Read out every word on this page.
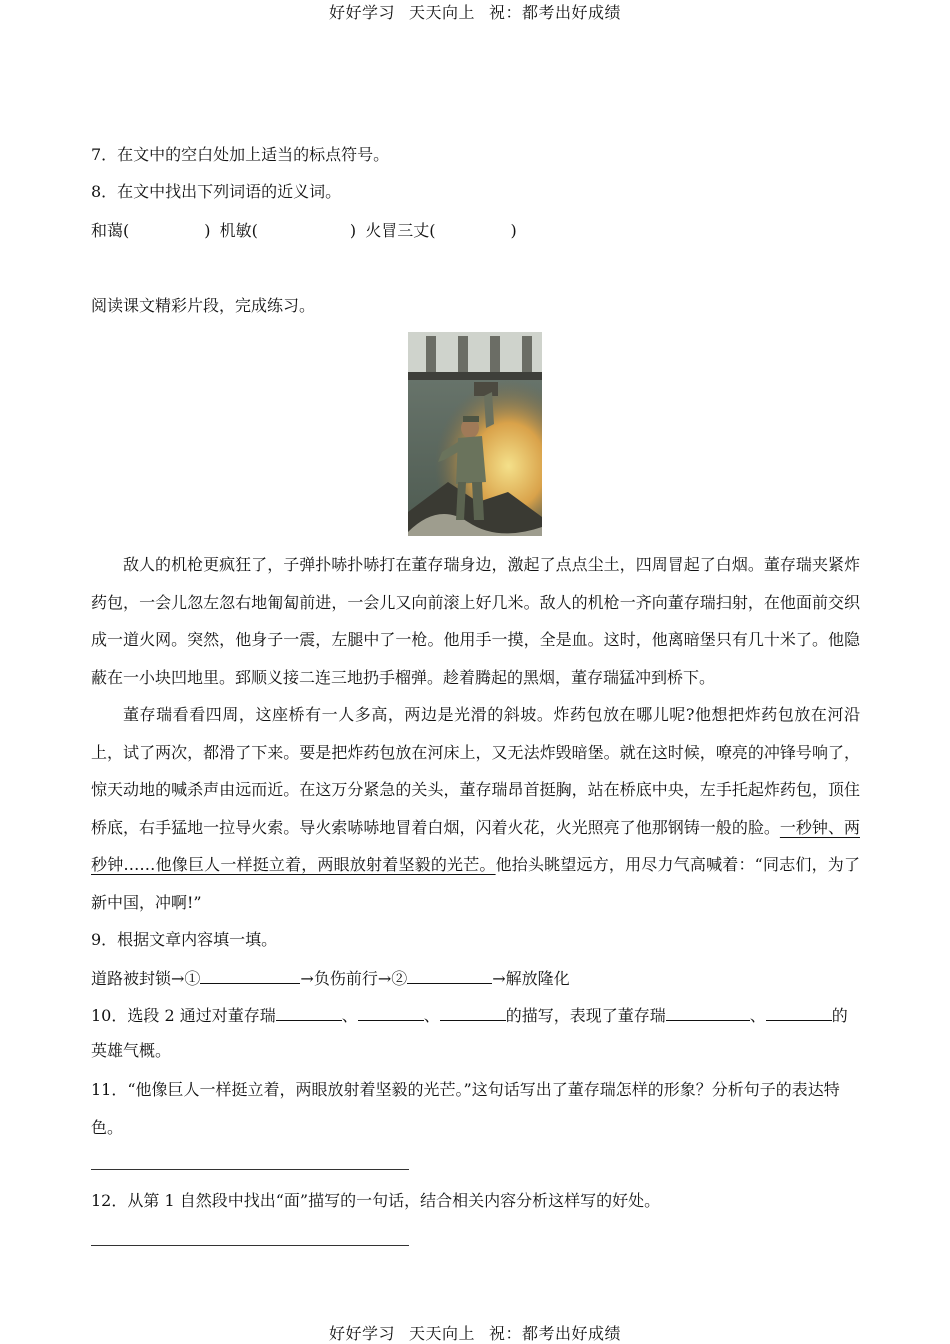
好好学习 天天向上 祝：都考出好成绩
7．在文中的空白处加上适当的标点符号。
8．在文中找出下列词语的近义词。
和蔼(	) 机敏(	) 火冒三丈(	)
阅读课文精彩片段，完成练习。

敌人的机枪更疯狂了，子弹扑哧扑哧打在董存瑞身边，激起了点点尘土，四周冒起了白烟。董存瑞夹紧炸药包，一会儿忽左忽右地匍匐前进，一会儿又向前滚上好几米。敌人的机枪一齐向董存瑞扫射，在他面前交织成一道火网。突然，他身子一震，左腿中了一枪。他用手一摸，全是血。这时，他离暗堡只有几十米了。他隐蔽在一小块凹地里。郅顺义接二连三地扔手榴弹。趁着腾起的黑烟，董存瑞猛冲到桥下。

董存瑞看看四周，这座桥有一人多高，两边是光滑的斜坡。炸药包放在哪儿呢?他想把炸药包放在河沿上，试了两次，都滑了下来。要是把炸药包放在河床上，又无法炸毁暗堡。就在这时候，嘹亮的冲锋号响了，惊天动地的喊杀声由远而近。在这万分紧急的关头，董存瑞昂首挺胸，站在桥底中央，左手托起炸药包，顶住桥底，右手猛地一拉导火索。导火索哧哧地冒着白烟，闪着火花，火光照亮了他那钢铸一般的脸。一秒钟、两秒钟……他像巨人一样挺立着，两眼放射着坚毅的光芒。他抬头眺望远方，用尽力气高喊着：“同志们，为了新中国，冲啊!”

9．根据文章内容填一填。
道路被封锁→①	→负伤前行→②	→解放隆化
10．选段 2 通过对董存瑞	、	、	的描写，表现了董存瑞	、	的
英雄气概。
11．“他像巨人一样挺立着，两眼放射着坚毅的光芒。”这句话写出了董存瑞怎样的形象？分析句子的表达特色。
12．从第 1 自然段中找出“面”描写的一句话，结合相关内容分析这样写的好处。
好好学习 天天向上 祝：都考出好成绩
